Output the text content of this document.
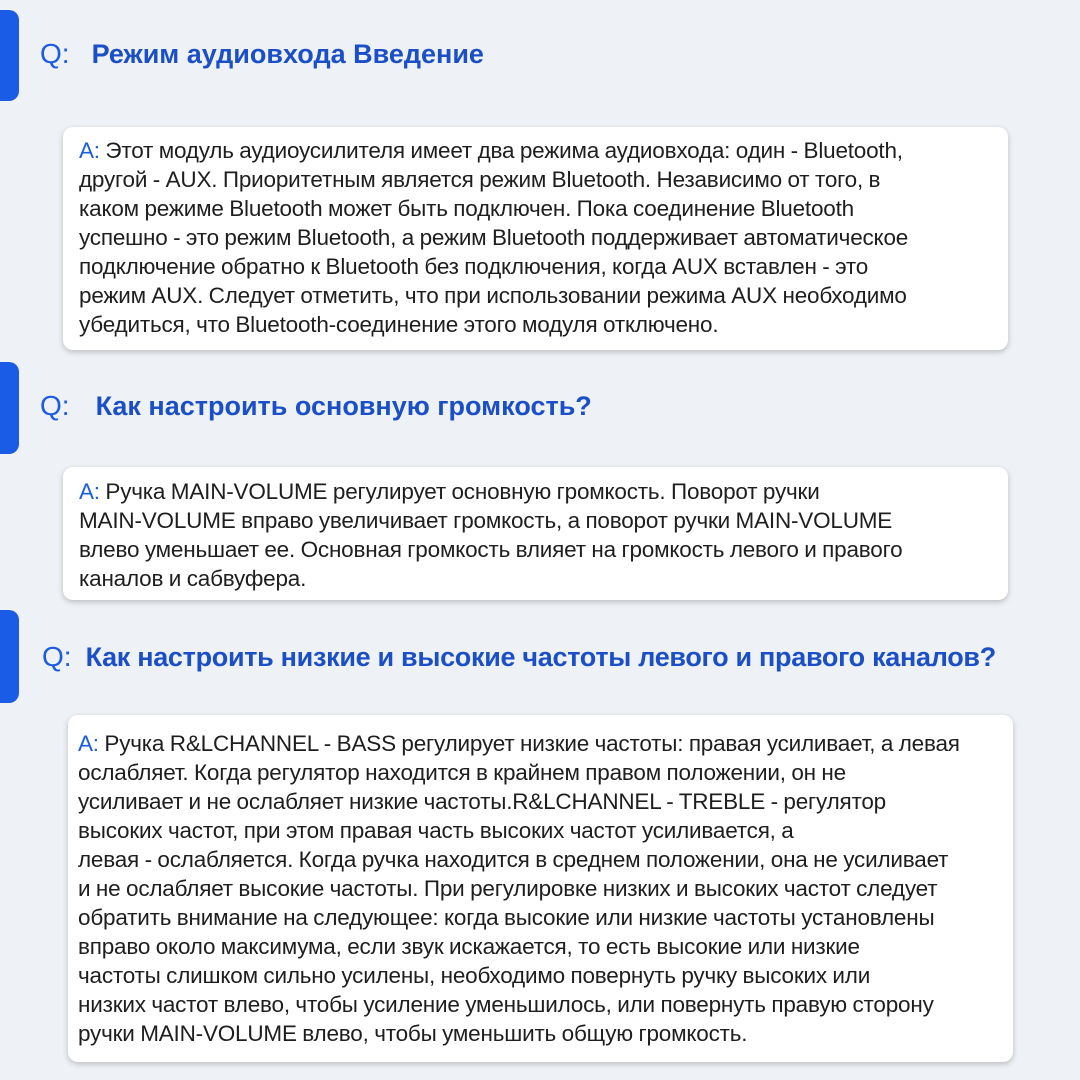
Q : Режим аудиовхода Введение

A: Этот модуль аудиоусилителя имеет два режима аудиовхода: один - Bluetooth,
другой - AUX. Приоритетным является режим Bluetooth. Независимо от того, в
каком режиме Bluetooth может быть подключен. Пока соединение Bluetooth
успешно - это режим Bluetooth, а режим Bluetooth поддерживает автоматическое
подключение обратно к Bluetooth без подключения, когда AUX вставлен - это
режим AUX. Следует отметить, что при использовании режима AUX необходимо
убедиться, что Bluetooth-соединение этого модуля отключено.

Q : Как настроить основную громкость?

A: Ручка MAIN-VOLUME регулирует основную громкость. Поворот ручки
MAIN-VOLUME вправо увеличивает громкость, а поворот ручки MAIN-VOLUME
влево уменьшает ее. Основная громкость влияет на громкость левого и правого
каналов и сабвуфера.

Q : Как настроить низкие и высокие частоты левого и правого каналов?

A: Ручка R&LCHANNEL - BASS регулирует низкие частоты: правая усиливает, а левая
ослабляет. Когда регулятор находится в крайнем правом положении, он не
усиливает и не ослабляет низкие частоты.R&LCHANNEL - TREBLE - регулятор
высоких частот, при этом правая часть высоких частот усиливается, а
левая - ослабляется. Когда ручка находится в среднем положении, она не усиливает
и не ослабляет высокие частоты. При регулировке низких и высоких частот следует
обратить внимание на следующее: когда высокие или низкие частоты установлены
вправо около максимума, если звук искажается, то есть высокие или низкие
частоты слишком сильно усилены, необходимо повернуть ручку высоких или
низких частот влево, чтобы усиление уменьшилось, или повернуть правую сторону
ручки MAIN-VOLUME влево, чтобы уменьшить общую громкость.
